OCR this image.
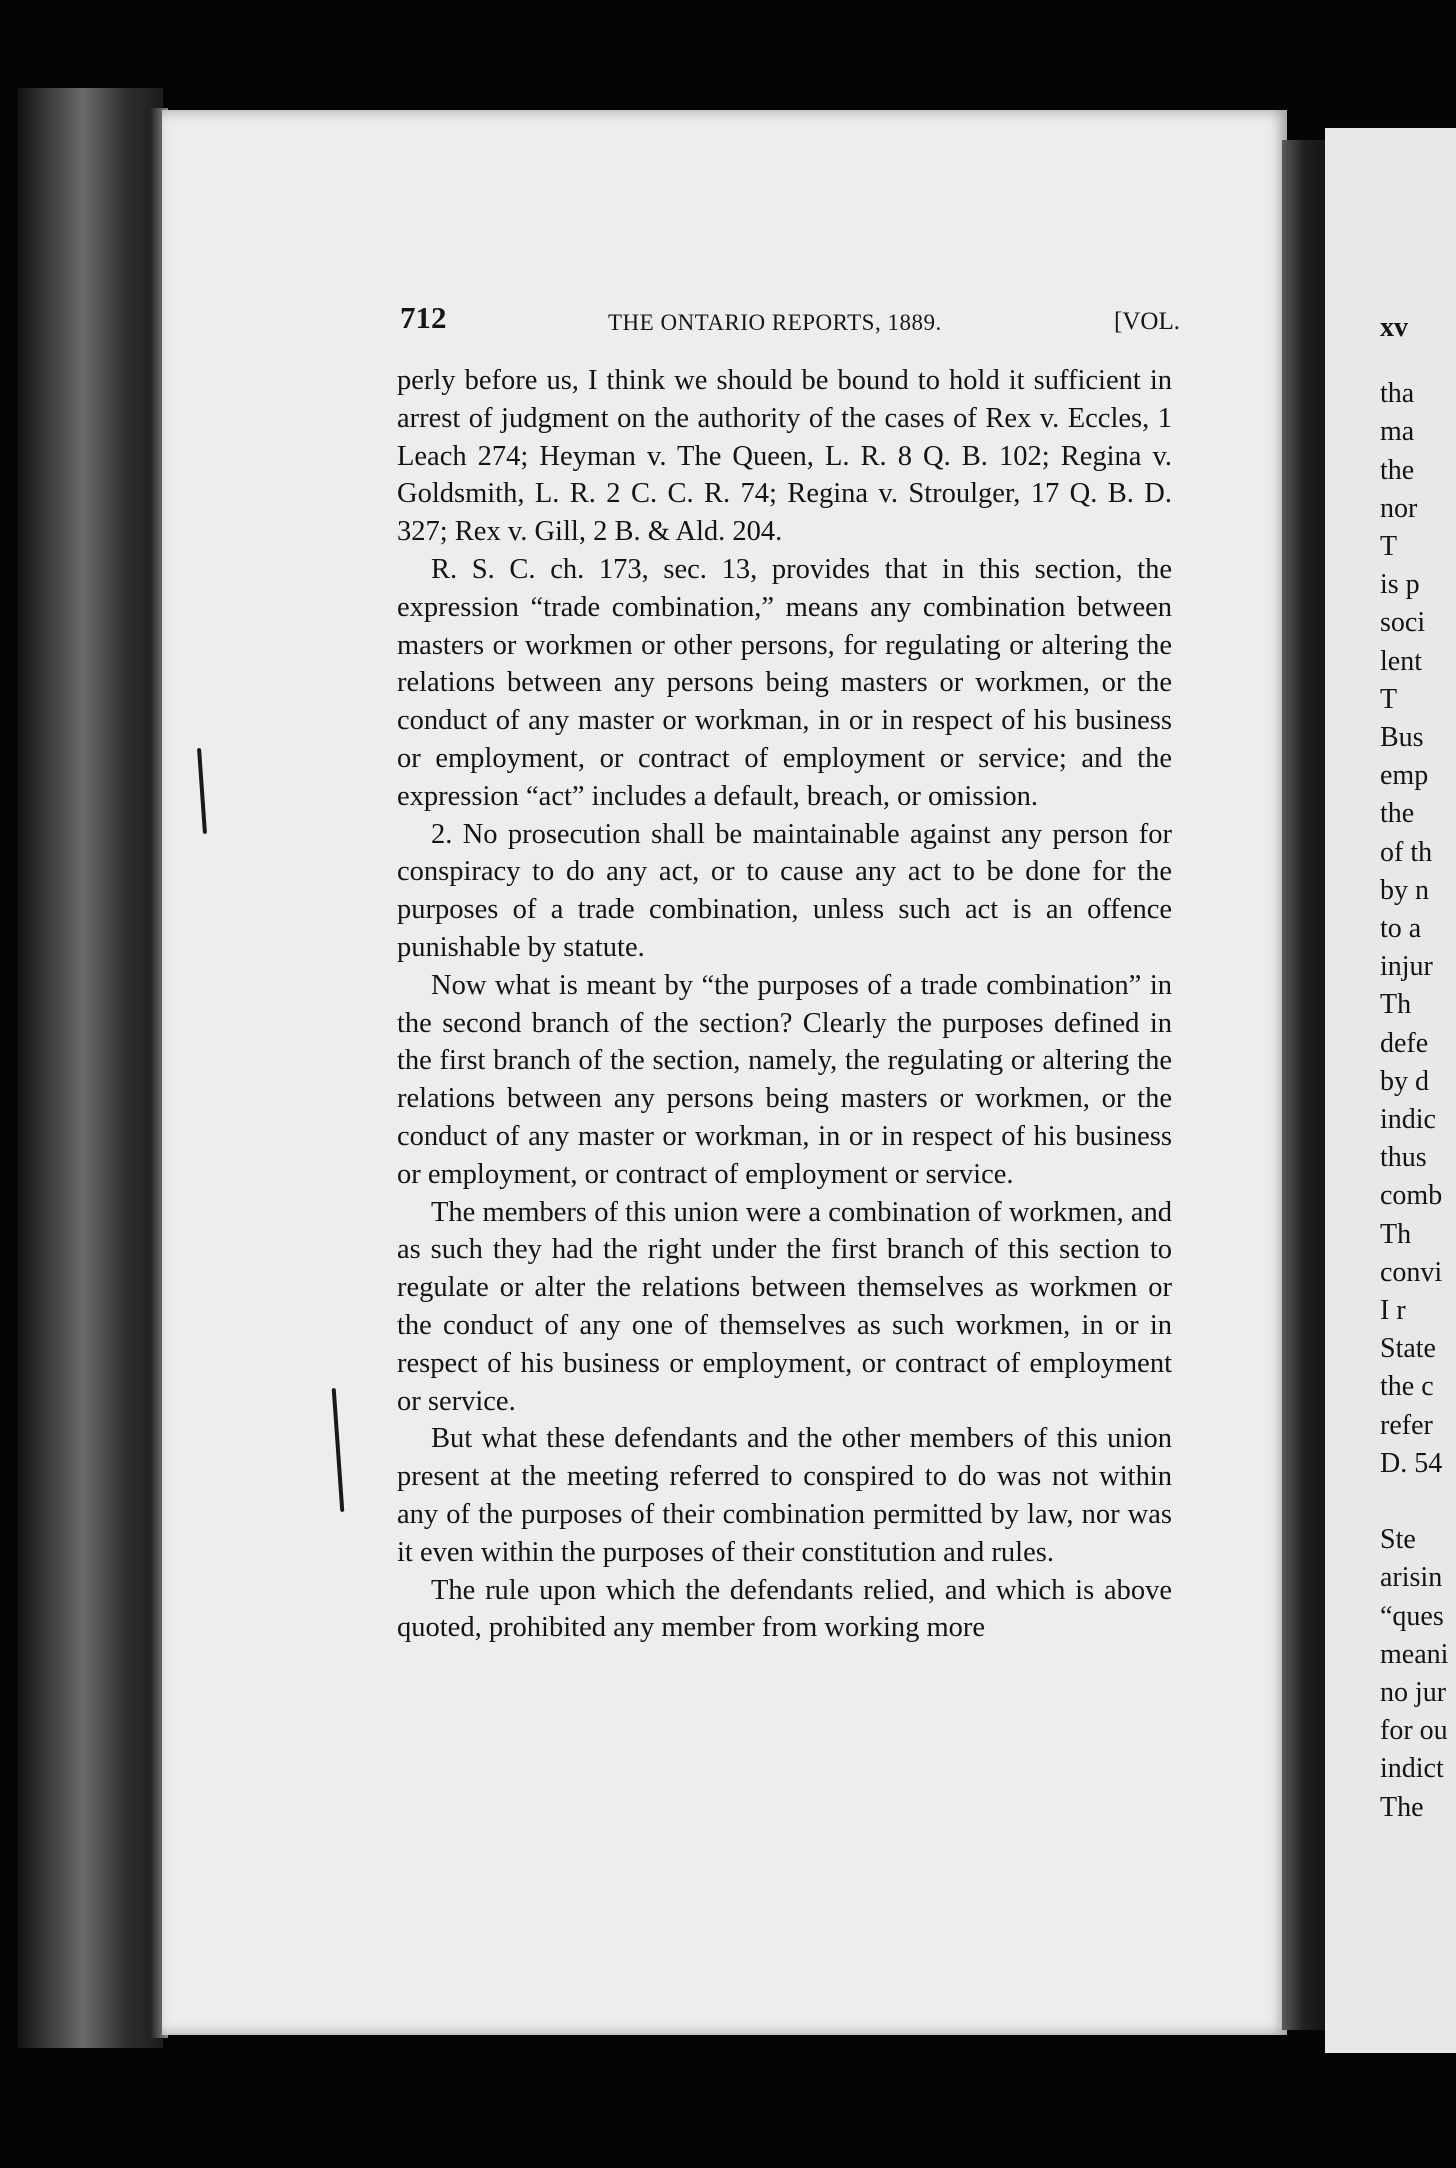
712	THE ONTARIO REPORTS, 1889.	[VOL.

perly before us, I think we should be bound to hold it sufficient in arrest of judgment on the authority of the cases of Rex v. Eccles, 1 Leach 274; Heyman v. The Queen, L. R. 8 Q. B. 102; Regina v. Goldsmith, L. R. 2 C. C. R. 74; Regina v. Stroulger, 17 Q. B. D. 327; Rex v. Gill, 2 B. & Ald. 204.

R. S. C. ch. 173, sec. 13, provides that in this section, the expression “trade combination,” means any combination between masters or workmen or other persons, for regulating or altering the relations between any persons being masters or workmen, or the conduct of any master or workman, in or in respect of his business or employment, or contract of employment or service; and the expression “act” includes a default, breach, or omission.

2. No prosecution shall be maintainable against any person for conspiracy to do any act, or to cause any act to be done for the purposes of a trade combination, unless such act is an offence punishable by statute.

Now what is meant by “the purposes of a trade combination” in the second branch of the section? Clearly the purposes defined in the first branch of the section, namely, the regulating or altering the relations between any persons being masters or workmen, or the conduct of any master or workman, in or in respect of his business or employment, or contract of employment or service.

The members of this union were a combination of workmen, and as such they had the right under the first branch of this section to regulate or alter the relations between themselves as workmen or the conduct of any one of themselves as such workmen, in or in respect of his business or employment, or contract of employment or service.

But what these defendants and the other members of this union present at the meeting referred to conspired to do was not within any of the purposes of their combination permitted by law, nor was it even within the purposes of their constitution and rules.

The rule upon which the defendants relied, and which is above quoted, prohibited any member from working more

xv
tha
ma
the
nor
T
is p
soci
lent
T
Bus
emp
the
of th
by n
to a
injur
Th
defe
by d
indic
thus
comb
Th
convi
I r
State
the c
refer
D. 54
Ste
arisin
“ques
meani
no jur
for ou
indict
The
